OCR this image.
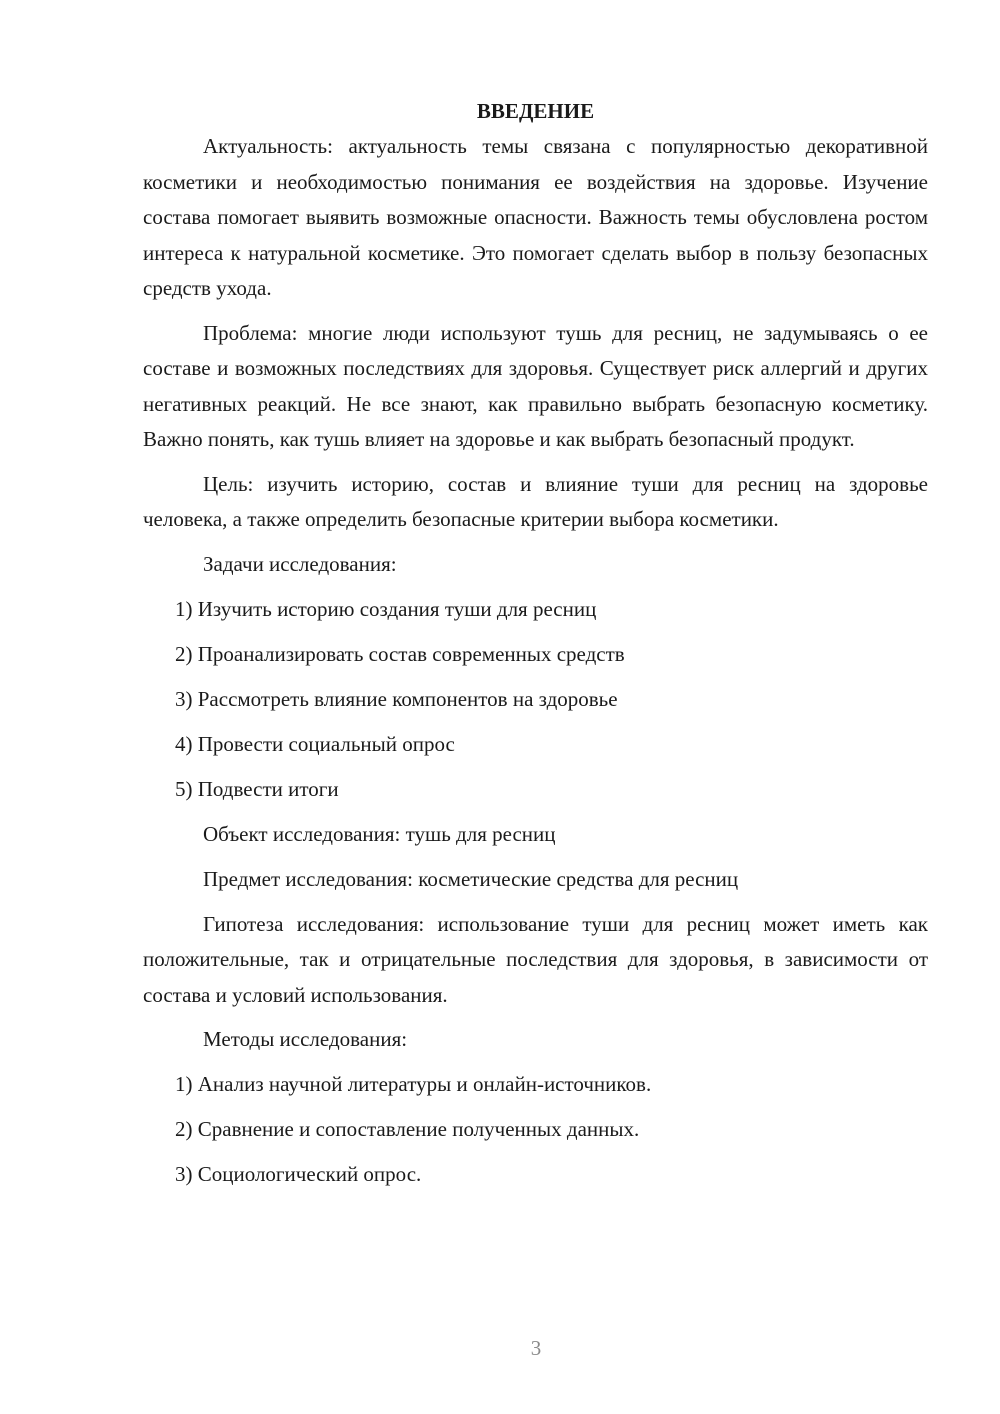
ВВЕДЕНИЕ

Актуальность: актуальность темы связана с популярностью декоративной косметики и необходимостью понимания ее воздействия на здоровье. Изучение состава помогает выявить возможные опасности. Важность темы обусловлена ростом интереса к натуральной косметике. Это помогает сделать выбор в пользу безопасных средств ухода.

Проблема: многие люди используют тушь для ресниц, не задумываясь о ее составе и возможных последствиях для здоровья. Существует риск аллергий и других негативных реакций. Не все знают, как правильно выбрать безопасную косметику. Важно понять, как тушь влияет на здоровье и как выбрать безопасный продукт.

Цель: изучить историю, состав и влияние туши для ресниц на здоровье человека, а также определить безопасные критерии выбора косметики.

Задачи исследования:
1) Изучить историю создания туши для ресниц
2) Проанализировать состав современных средств
3) Рассмотреть влияние компонентов на здоровье
4) Провести социальный опрос
5) Подвести итоги
Объект исследования: тушь для ресниц
Предмет исследования: косметические средства для ресниц

Гипотеза исследования: использование туши для ресниц может иметь как положительные, так и отрицательные последствия для здоровья, в зависимости от состава и условий использования.

Методы исследования:
1) Анализ научной литературы и онлайн-источников.
2) Сравнение и сопоставление полученных данных.
3) Социологический опрос.
3
